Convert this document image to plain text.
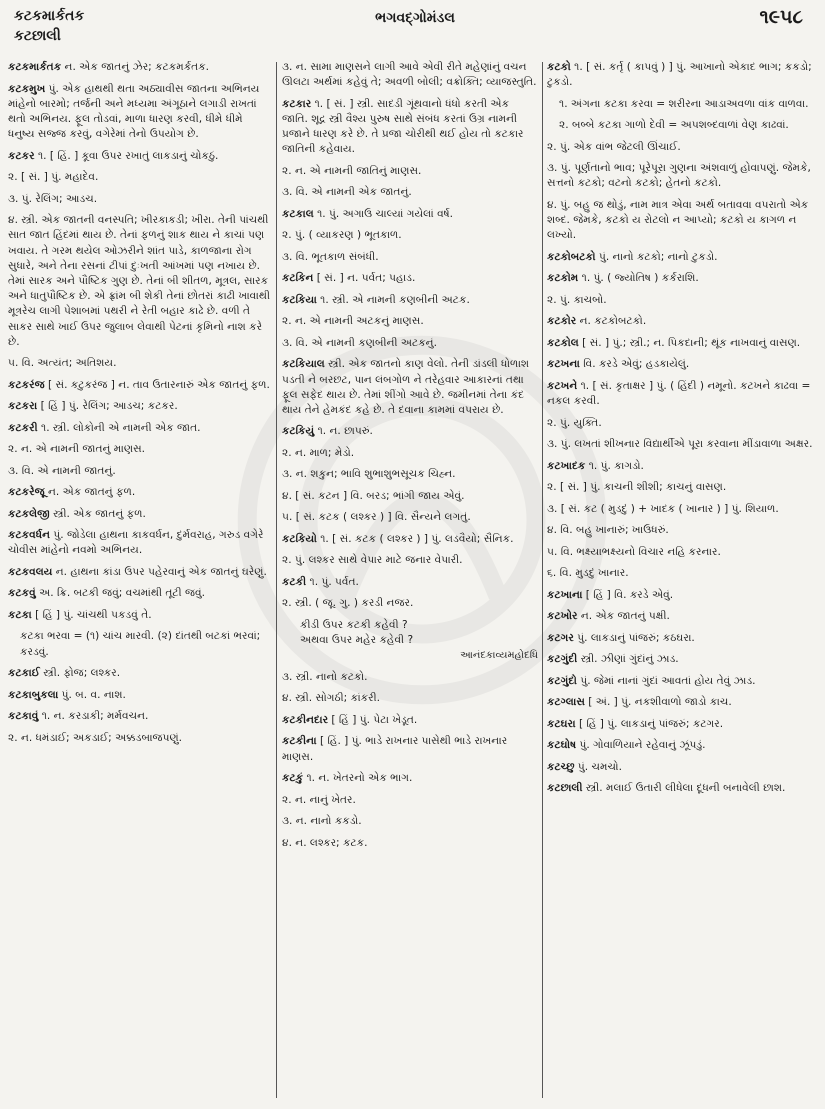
કટકમાર્કતક
કટછાલી
ભગવદ્ગોમંડલ	૧૯૫૮

કટકમાર્કતક ન. એક જાતનું ઝેર; કટકમર્કતક.

કટકમુખ પું. એક હાથથી થતા અઠ્યાવીસ જાતના અભિનય માંહેનો બારમો; તર્જની અને મધ્યમા અંગૂઠાને લગાડી રાખતાં થતો અભિનય. ફૂલ તોડવાં, માળા ધારણ કરવી, ધીમે ધીમે ધનુષ્ય સજ્જ કરવું, વગેરેમાં તેનો ઉપયોગ છે.

કટકર ૧. [ હિં. ] કૂવા ઉપર રખાતું લાકડાનું ચોકઠું.

૨. [ સં. ] પું. મહાદેવ.

૩. પું. રેલિંગ; આડચ.

૪. સ્ત્રી. એક જાતની વનસ્પતિ; ખીરકાકડી; ખીરા. તેની પાંચથી સાત જાત હિંદમાં થાય છે. તેનાં ફળનું શાક થાય ને કાચાં પણ ખવાય. તે ગરમ થયેલ ઓઝરીને શાંત પાડે, કાળજાના રોગ સુધારે, અને તેના રસનાં ટીપાં દુઃખતી આંખમાં પણ નખાય છે. તેમાં સારક અને પૌષ્ટિક ગુણ છે. તેનાં બી શીતળ, મૂત્રલ, સારક અને ધાતુપૌષ્ટિક છે. એ ફ્રાંમ બી શેકી તેનાં છોતરાં કાઢી ખાવાથી મૂત્રરેચ લાગી પેશાબમાં પથરી ને રેતી બહાર કાઢે છે. વળી તે સાકર સાથે ખાઈ ઉપર જુલાબ લેવાથી પેટનાં કૃમિનો નાશ કરે છે.

૫. વિ. અત્યંત; અતિશય.

કટકરંજ [ સં. કટુકરંજ ] ન. તાવ ઉતારનારું એક જાતનું ફળ.

કટકરા [ હિં ] પું. રેલિંગ; આડચ; કટકર.

કટકરી ૧. સ્ત્રી. લોકોની એ નામની એક જાત.

૨. ન. એ નામની જાતનું માણસ.

૩. વિ. એ નામની જાતનું.

કટકરેજૂ ન. એક જાતનું ફળ.

કટકલેજી સ્ત્રી. એક જાતનું ફળ.

કટકવર્ધન પું. જોડેલા હાથના કાકવર્ધન, દુર્મવરાહ, ગરુડ વગેરે ચોવીસ માંહેનો નવમો અભિનય.

કટકવલય ન. હાથના કાંડા ઉપર પહેરવાનું એક જાતનું ઘરેણું.

કટકવું અ. ક્રિ. બટકી જવું; વચમાંથી તૂટી જવું.

કટકા [ હિં ] પું. ચાંચથી પકડવું તે.

કટકા ભરવા = (૧) ચાંચ મારવી. (૨) દાંતથી બટકાં ભરવાં; કરડવું.

કટકાઈ સ્ત્રી. ફોજ; લશ્કર.

કટકાબુકલા પું. બ. વ. નાશ.

કટકાવું ૧. ન. કરડાકી; મર્મવચન.

૨. ન. ધમંડાઈ; અકડાઈ; અક્કડબાજપણું.

૩. ન. સામા માણસને લાગી આવે એવી રીતે મહેણાંનું વચન ઊલટા અર્થમાં કહેવું તે; અવળી બોલી; વક્રોક્તિ; વ્યાજસ્તુતિ.

કટકાર ૧. [ સં. ] સ્ત્રી. સાદડી ગૂંથવાનો ધંધો કરતી એક જાતિ. શૂદ્ર સ્ત્રી વૈશ્ય પુરુષ સાથે સંબંધ કરતાં ઉગ્ર નામની પ્રજાને ધારણ કરે છે. તે પ્રજા ચોરીથી થઈ હોય તો કટકાર જાતિની કહેવાય.

૨. ન. એ નામની જાતિનું માણસ.

૩. વિ. એ નામની એક જાતનું.

કટકાલ ૧. પું. અગાઉ ચાલ્યાં ગયેલાં વર્ષ.

૨. પું. ( વ્યાકરણ ) ભૂતકાળ.

૩. વિ. ભૂતકાળ સંબંધી.

કટકિન [ સં. ] ન. પર્વત; પહાડ.

કટકિયા ૧. સ્ત્રી. એ નામની કણબીની અટક.

૨. ન. એ નામની અટકનું માણસ.

૩. વિ. એ નામની કણબીની અટકનું.

કટકિયાલ સ્ત્રી. એક જાતનો કાણ વેલો. તેની ડાંડલી ધોળાશ પડતી ને બરછટ, પાન લંબગોળ ને તરેહવાર આકારનાં તથા ફૂલ સફેદ થાય છે. તેમાં શીંગો આવે છે. જમીનમાં તેના કંદ થાય તેને હેમકંદ કહે છે. તે દવાના કામમાં વપરાય છે.

કટકિયું ૧. ન. છાપરું.

૨. ન. માળ; મેડો.

૩. ન. શકુન; ભાવિ શુભાશુભસૂચક ચિહ્ન.

૪. [ સં. કટન ] વિ. બરડ; ભાંગી જાય એવું.

૫. [ સં. કટક ( લશ્કર ) ] વિ. સૈન્યને લગતું.

કટકિયો ૧. [ સં. કટક ( લશ્કર ) ] પું. લડવૈયો; સૈનિક.

૨. પું. લશ્કર સાથે વેપાર માટે જનાર વેપારી.

કટકી ૧. પું. પર્વત.

૨. સ્ત્રી. ( જૂ. ગુ. ) કરડી નજર.

કીડી ઉપર કટકી કહેવી ?

અથવા ઉપર મહેર કહેવી ?

આનંદકાવ્યમહોદધિ

૩. સ્ત્રી. નાનો કટકો.

૪. સ્ત્રી. સોગઠી; કાંકરી.

કટકીનદાર [ હિં ] પું. પેટા ખેડૂત.

કટકીના [ હિં. ] પું. ભાડે રાખનાર પાસેથી ભાડે રાખનાર માણસ.

કટકું ૧. ન. ખેતરનો એક ભાગ.

૨. ન. નાનું ખેતર.

૩. ન. નાનો કકડો.

૪. ન. લશ્કર; કટક.

કટકો ૧. [ સં. કર્તૃ ( કાપવું ) ] પું. આખાનો એકાદ ભાગ; કકડો; ટુકડો.

૧. અંગના કટકા કરવા = શરીરના આડાઅવળા વાંક વાળવા.

૨. બબ્બે કટકા ગાળો દેવી = અપશબ્દવાળાં વેણ કાઢવાં.

૨. પું. એક વાંભ જેટલી ઊંચાઈ.

૩. પું. પૂર્ણતાનો ભાવ; પૂરેપૂરા ગુણના અંશવાળું હોવાપણું. જેમકે, સત્તનો કટકો; વટનો કટકો; હેતનો કટકો.

૪. પું. બહુ જ થોડું, નામ માત્ર એવા અર્થ બતાવવા વપરાતો એક શબ્દ. જેમકે, કટકો ય રોટલો ન આપ્યો; કટકો ય કાગળ ન લખ્યો.

કટકોબટકો પું. નાનો કટકો; નાનો ટુકડો.

કટકોમ ૧. પું. ( જ્યોતિષ ) કર્કરાશિ.

૨. પું. કાચબો.

કટકોર ન. કટકોબટકો.

કટકોલ [ સં. ] પું.; સ્ત્રી.; ન. પિકદાની; થૂંક નાખવાનું વાસણ.

કટખના વિ. કરડે એવું; હડકાયેલું.

કટખને ૧. [ સં. કૃતાક્ષર ] પું. ( હિંદી ) નમૂનો. કટખને કાઢવા = નકલ કરવી.

૨. પું. યુક્તિ.

૩. પું. લખતાં શીખનાર વિદ્યાર્થીએ પૂરા કરવાના મીંડાવાળા અક્ષર.

કટખાદક ૧. પું. કાગડો.

૨. [ સં. ] પું. કાચની શીશી; કાચનું વાસણ.

૩. [ સં. કટ ( મુડદું ) + ખાદક ( ખાનાર ) ] પું. શિયાળ.

૪. વિ. બહુ ખાનારું; ખાઉધરું.

૫. વિ. ભક્ષ્યાભક્ષ્યનો વિચાર નહિ કરનાર.

૬. વિ. મુડદું ખાનાર.

કટખાના [ હિં ] વિ. કરડે એવું.

કટખોર ન. એક જાતનું પક્ષી.

કટગર પું. લાકડાનું પાંજરું; કઠઘરા.

કટગુંદી સ્ત્રી. ઝીણાં ગુંદાંનું ઝાડ.

કટગુંદો પું. જેમાં નાનાં ગુંદાં આવતાં હોય તેવું ઝાડ.

કટગ્લાસ [ અં. ] પું. નકશીવાળો જાડો કાચ.

કટઘરા [ હિં ] પું. લાકડાનું પાંજરું; કટગર.

કટઘોષ પું. ગોવાળિયાને રહેવાનું ઝૂંપડું.

કટચ્છુ પું. ચમચો.

કટછાલી સ્ત્રી. મલાઈ ઉતારી લીધેલા દૂધની બનાવેલી છાશ.
